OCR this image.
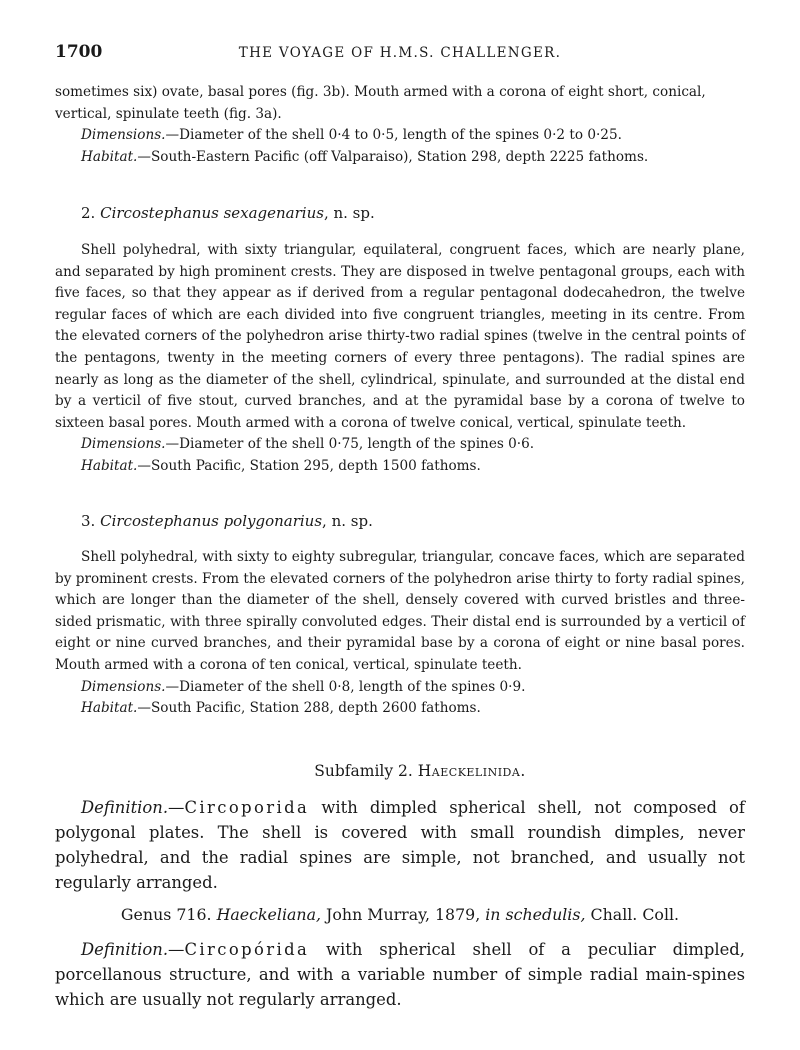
1700	THE VOYAGE OF H.M.S. CHALLENGER.

sometimes six) ovate, basal pores (fig. 3b). Mouth armed with a corona of eight short, conical,

vertical, spinulate teeth (fig. 3a).

Dimensions.—Diameter of the shell 0·4 to 0·5, length of the spines 0·2 to 0·25.

Habitat.—South-Eastern Pacific (off Valparaiso), Station 298, depth 2225 fathoms.

2. Circostephanus sexagenarius, n. sp.

Shell polyhedral, with sixty triangular, equilateral, congruent faces, which are nearly plane, and separated by high prominent crests. They are disposed in twelve pentagonal groups, each with five faces, so that they appear as if derived from a regular pentagonal dodecahedron, the twelve regular faces of which are each divided into five congruent triangles, meeting in its centre. From the elevated corners of the polyhedron arise thirty-two radial spines (twelve in the central points of the pentagons, twenty in the meeting corners of every three pentagons). The radial spines are nearly as long as the diameter of the shell, cylindrical, spinulate, and surrounded at the distal end by a verticil of five stout, curved branches, and at the pyramidal base by a corona of twelve to sixteen basal pores. Mouth armed with a corona of twelve conical, vertical, spinulate teeth.

Dimensions.—Diameter of the shell 0·75, length of the spines 0·6.

Habitat.—South Pacific, Station 295, depth 1500 fathoms.

3. Circostephanus polygonarius, n. sp.

Shell polyhedral, with sixty to eighty subregular, triangular, concave faces, which are separated by prominent crests. From the elevated corners of the polyhedron arise thirty to forty radial spines, which are longer than the diameter of the shell, densely covered with curved bristles and three-sided prismatic, with three spirally convoluted edges. Their distal end is surrounded by a verticil of eight or nine curved branches, and their pyramidal base by a corona of eight or nine basal pores. Mouth armed with a corona of ten conical, vertical, spinulate teeth.

Dimensions.—Diameter of the shell 0·8, length of the spines 0·9.

Habitat.—South Pacific, Station 288, depth 2600 fathoms.

Subfamily 2. Haeckelinida.

Definition.—Circoporida with dimpled spherical shell, not composed of polygonal plates. The shell is covered with small roundish dimples, never polyhedral, and the radial spines are simple, not branched, and usually not regularly arranged.

Genus 716. Haeckeliana, John Murray, 1879, in schedulis, Chall. Coll.

Definition.—Circopórida with spherical shell of a peculiar dimpled, porcellanous structure, and with a variable number of simple radial main-spines which are usually not regularly arranged.
